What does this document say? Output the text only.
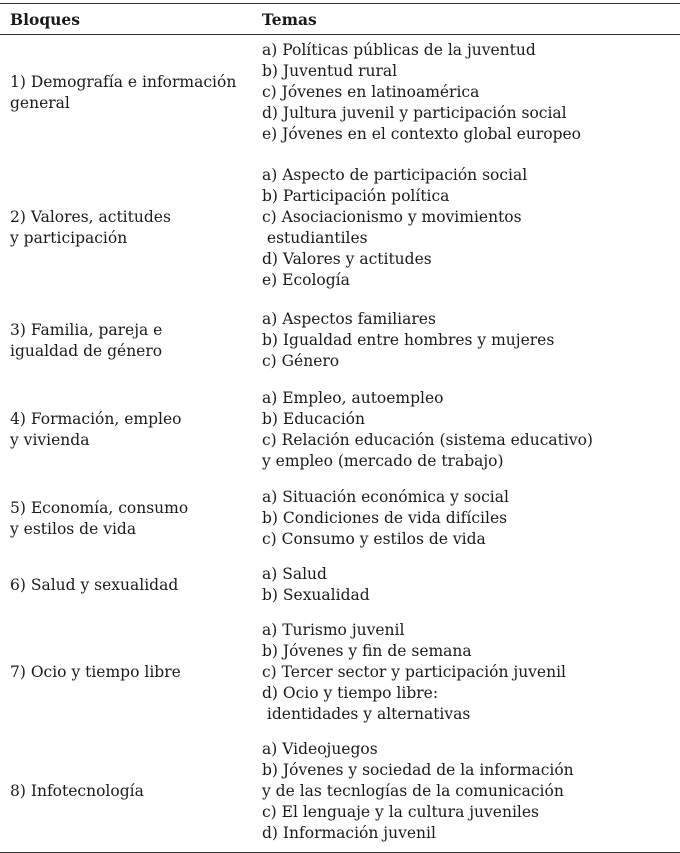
Bloques	Temas
1) Demografía e información
general
a) Políticas públicas de la juventud
b) Juventud rural
c) Jóvenes en latinoamérica
d) Jultura juvenil y participación social
e) Jóvenes en el contexto global europeo
2) Valores, actitudes
y participación
a) Aspecto de participación social
b) Participación política
c) Asociacionismo y movimientos
estudiantiles
d) Valores y actitudes
e) Ecología
3) Familia, pareja e
igualdad de género
a) Aspectos familiares
b) Igualdad entre hombres y mujeres
c) Género
4) Formación, empleo
y vivienda
a) Empleo, autoempleo
b) Educación
c) Relación educación (sistema educativo)
y empleo (mercado de trabajo)
5) Economía, consumo
y estilos de vida
a) Situación económica y social
b) Condiciones de vida difíciles
c) Consumo y estilos de vida
6) Salud y sexualidad
a) Salud
b) Sexualidad
7) Ocio y tiempo libre
a) Turismo juvenil
b) Jóvenes y fin de semana
c) Tercer sector y participación juvenil
d) Ocio y tiempo libre:
identidades y alternativas
8) Infotecnología
a) Videojuegos
b) Jóvenes y sociedad de la información
y de las tecnlogías de la comunicación
c) El lenguaje y la cultura juveniles
d) Información juvenil
